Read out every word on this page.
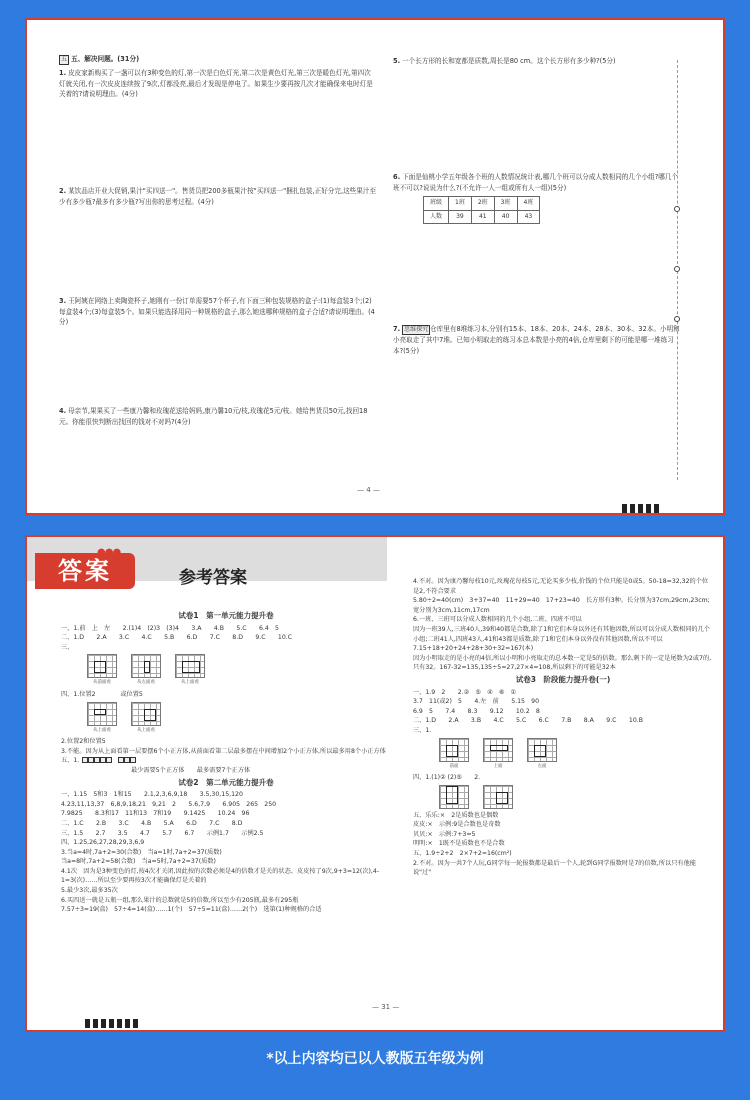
五 五、解决问题。(31分)
1. 皮皮家新购买了一盏可以有3种变色的灯,第一次是白色灯光,第二次是黄色灯光,第三次是暖色灯光,第四次灯就关闭,有一次皮皮连续按了9次,灯都没亮,最后才发现是停电了。如果生少要再按几次才能确保来电时灯是关着的?请说明理由。(4分)
2. 某饮品店开业大促销,果汁"买四送一"。售货员把200多瓶果汁按"买四送一"捆扎包装,正好分完,这些果汁至少有多少瓶?最多有多少瓶?写出你的思考过程。(4分)
3. 王阿姨在网络上卖陶瓷杯子,她刚有一份订单需要57个杯子,有下面三种包装规格的盒子:(1)每盒装3个;(2)每盒装4个;(3)每盒装5个。如果只能选择用同一种规格的盒子,那么她选哪种规格的盒子合适?请说明理由。(4分)
4. 母亲节,果果买了一些康乃馨和玫瑰花送给妈妈,康乃馨10元/枝,玫瑰花5元/枝。她给售货员50元,找回18元。你能很快判断出找回的钱对不对吗?(4分)
5. 一个长方形的长和宽都是质数,周长是80 cm。这个长方形有多少种?(5分)
6. 下面是仙桃小学五年级各个班的人数情况统计表,哪几个班可以分成人数相同的几个小组?哪几个班不可以?说说为什么?(不允许一人一组或所有人一组)(5分)
班级	1班	2班	3班	4班
人数	39	41	40	43
7. 思维探究 仓库里有8堆练习本,分别有15本、18本、20本、24本、28本、30本、32本。小明和小亮取走了其中7堆。已知小明取走的练习本总本数是小亮的4倍,仓库里剩下的可能是哪一堆练习本?(5分)
— 4 —
答案	参考答案
试卷1　第一单元能力提升卷
一、1.前　上　左　　2.(1)4　(2)3　(3)4　　3.A　　4.B　　5.C　　6.4　5
二、1.D　　2.A　　3.C　　4.C　　5.B　　6.D　　7.C　　8.D　　9.C　　10.C
三、
从前面看	从左面看	从上面看
四、1.位置2　　　　或位置5
从上面看	从上面看
2.位置2和位置5
3.不能。因为从上面看第一层要摆6个小正方体,从前面看第二层最多摆在中间增加2个小正方体,所以最多用8个小正方体
五、1.
最少需要5个正方体　　最多需要7个正方体
试卷2　第二单元能力提升卷
一、1.15　5和3　1和15　　2.1,2,3,6,9,18　　3.5,30,15,120
4.23,11,13,37　6,8,9,18,21　9,21　2　　5.6,7,9　　6.905　265　250
7.9825　　8.3和17　11和13　7和19　　9.1425　　10.24　96
二、1.C　　2.B　　3.C　　4.B　　5.A　　6.D　　7.C　　8.D
三、1.5　　2.7　　3.5　　4.7　　5.7　　6.7　　示例1.7　　示例2.5
四、1.25,26,27,28,29,3,6,9
3.当a=4时,7a+2=30(合数)　当a=1时,7a+2=37(质数)
当a=8时,7a+2=58(合数)　当a=5时,7a+2=37(质数)
4.1次　因为是3种变色的灯,按4次才关闭,因此按的次数必须是4的倍数才是关的状态。皮皮按了9次,9+3=12(次),4-1=3(次)……所以至少要再按3次才能确保灯是关着的
5.最少3次,最多35次
6.买四送一就是五瓶一组,那么果汁的总数就是5的倍数,所以至少有205瓶,最多有295瓶
7.57÷3=19(盒)　57÷4=14(盒)……1(个)　57÷5=11(盒)……2(个)　选第(1)种规格的合适
4.不对。因为康乃馨每枝10元,玫瑰花每枝5元,无论买多少枝,价钱的个位只能是0或5。50-18=32,32的个位是2,不符合要求
5.80÷2=40(cm)　3+37=40　11+29=40　17+23=40　长方形有3种。长分别为37cm,29cm,23cm;宽分别为3cm,11cm,17cm
6.一班、三班可以分成人数相同的几个小组,二班、四班不可以
因为一班39人,三班40人,39和40都是合数,除了1和它们本身以外还有其他因数,所以可以分成人数相同的几个小组;二班41人,四班43人,41和43都是质数,除了1和它们本身以外没有其他因数,所以不可以
7.15+18+20+24+28+30+32=167(本)
因为小明取走的是小亮的4倍,所以小明和小亮取走的总本数一定是5的倍数。那么剩下的一定是尾数为2或7的,只有32。167-32=135,135÷5=27,27×4=108,所以剩下的可能是32本
试卷3　阶段能力提升卷(一)
一、1.9　2　　2.②　⑤　④　⑥　①
3.7　11(或2)　5　　4.左　前　　5.15　90
6.9　5　　7.4　　8.3　　9.12　　10.2　8
二、1.D　　2.A　　3.B　　4.C　　5.C　　6.C　　7.B　　8.A　　9.C　　10.B
三、1.
前面	上面	左面
四、1.(1)② (2)⑤　　2.
五、乐乐:×　2是质数也是偶数
皮皮:×　示例:9是合数也是奇数
贝贝:×　示例:7+3=5
明明:×　1既不是质数也不是合数
五、1.9÷2+2　2×7+2=16(cm²)
2.不对。因为一共7个人玩,G同学每一轮报数都是最后一个人,轮到G同学报数时是7的倍数,所以只有他能说"过"
— 31 —
*以上内容均已以人教版五年级为例
